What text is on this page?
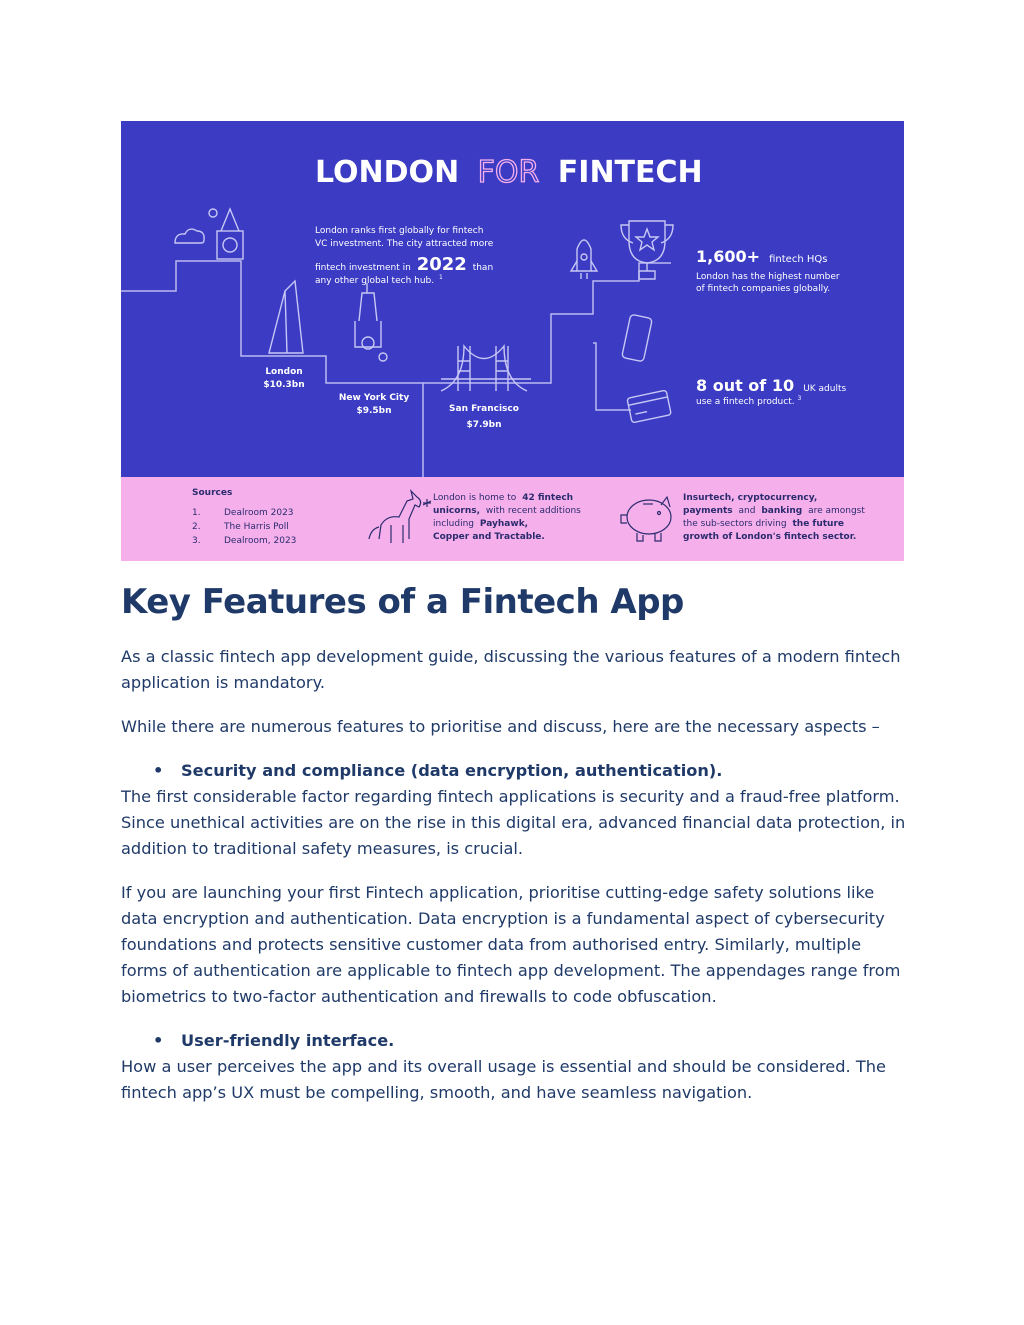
LONDON FOR FINTECH
London ranks first globally for fintech
VC investment. The city attracted more
fintech investment in 2022 than
any other global tech hub. $^1$
1,600+ fintech HQs
London has the highest number
of fintech companies globally.
8 out of 10 UK adults
use a fintech product. $^3$
London
$10.3bn
New York City
$9.5bn	San Francisco
$7.9bn
Sources
1.	Dealroom 2023
2.	The Harris Poll
3.	Dealroom, 2023
London is home to 42 fintech
unicorns, with recent additions
including Payhawk,
Copper and Tractable.
Insurtech, cryptocurrency,
payments and banking are amongst
the sub-sectors driving the future
growth of London's fintech sector.
Key Features of a Fintech App

As a classic fintech app development guide, discussing the various features of a modern fintech application is mandatory.

While there are numerous features to prioritise and discuss, here are the necessary aspects –

• Security and compliance (data encryption, authentication).

The first considerable factor regarding fintech applications is security and a fraud-free platform. Since unethical activities are on the rise in this digital era, advanced financial data protection, in addition to traditional safety measures, is crucial.

If you are launching your first Fintech application, prioritise cutting-edge safety solutions like data encryption and authentication. Data encryption is a fundamental aspect of cybersecurity foundations and protects sensitive customer data from authorised entry. Similarly, multiple forms of authentication are applicable to fintech app development. The appendages range from biometrics to two-factor authentication and firewalls to code obfuscation.

• User-friendly interface.

How a user perceives the app and its overall usage is essential and should be considered. The fintech app’s UX must be compelling, smooth, and have seamless navigation.
